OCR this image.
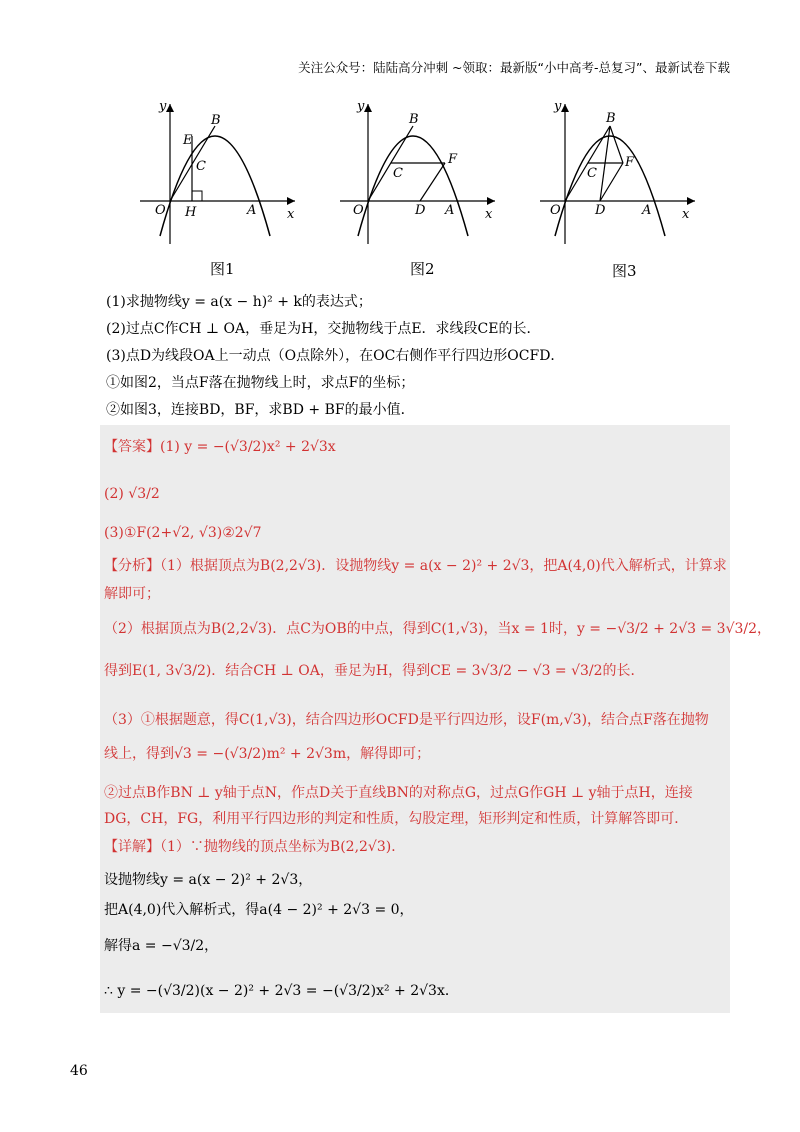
关注公众号：陆陆高分冲刺 ~领取：最新版“小中高考-总复习”、最新试卷下载
y
x
O
B
E
C
H	A
图1
y
x
O
B
F
C
D A
图2
y
x
O
B
F
C
D	A
图3
(1)求抛物线y = a(x − h)² + k的表达式；
(2)过点C作CH ⊥ OA，垂足为H，交抛物线于点E．求线段CE的长．
(3)点D为线段OA上一动点（O点除外），在OC右侧作平行四边形OCFD．
①如图2，当点F落在抛物线上时，求点F的坐标；
②如图3，连接BD，BF，求BD + BF的最小值．
【答案】(1) y = −(√3/2)x² + 2√3x
(2) √3/2
(3)①F(2+√2, √3)②2√7
【分析】（1）根据顶点为B(2,2√3)．设抛物线y = a(x − 2)² + 2√3，把A(4,0)代入解析式，计算求
解即可；
（2）根据顶点为B(2,2√3)．点C为OB的中点，得到C(1,√3)，当x = 1时，y = −√3/2 + 2√3 = 3√3/2，
得到E(1, 3√3/2)．结合CH ⊥ OA，垂足为H，得到CE = 3√3/2 − √3 = √3/2的长．
（3）①根据题意，得C(1,√3)，结合四边形OCFD是平行四边形，设F(m,√3)，结合点F落在抛物
线上，得到√3 = −(√3/2)m² + 2√3m，解得即可；
②过点B作BN ⊥ y轴于点N，作点D关于直线BN的对称点G，过点G作GH ⊥ y轴于点H，连接
DG，CH，FG，利用平行四边形的判定和性质，勾股定理，矩形判定和性质，计算解答即可．
【详解】（1）∵抛物线的顶点坐标为B(2,2√3)．
设抛物线y = a(x − 2)² + 2√3，
把A(4,0)代入解析式，得a(4 − 2)² + 2√3 = 0，
解得a = −√3/2，
∴ y = −(√3/2)(x − 2)² + 2√3 = −(√3/2)x² + 2√3x．
46
